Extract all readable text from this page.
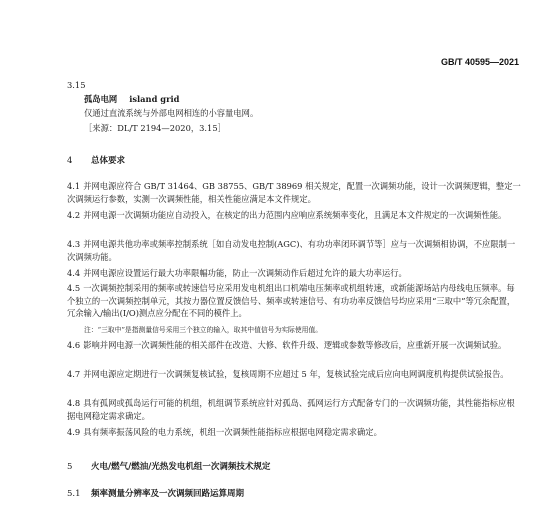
GB/T 40595—2021
3.15
孤岛电网 island grid
仅通过直流系统与外部电网相连的小容量电网。
［来源：DL/T 2194—2020，3.15］
4 总体要求
4.1 并网电源应符合 GB/T 31464、GB 38755、GB/T 38969 相关规定，配置一次调频功能，设计一次调频逻辑，整定一次调频运行参数，实测一次调频性能，相关性能应满足本文件规定。
4.2 并网电源一次调频功能应自动投入，在核定的出力范围内应响应系统频率变化，且满足本文件规定的一次调频性能。
4.3 并网电源共他功率或频率控制系统［如自动发电控制(AGC)、有功功率闭环调节等］应与一次调频相协调，不应限制一次调频功能。
4.4 并网电源应设置运行最大功率限幅功能，防止一次调频动作后超过允许的最大功率运行。
4.5 一次调频控制采用的频率或转速信号应采用发电机组出口机端电压频率或机组转速，或新能源场站内母线电压频率。每个独立的一次调频控制单元，其按力器位置反馈信号、频率或转速信号、有功功率反馈信号均应采用“三取中”等冗余配置，冗余输入/输出(I/O)测点应分配在不同的模件上。
注：“三取中”是指测量信号采用三个独立的输入，取其中值信号为实际使用值。
4.6 影响并网电源一次调频性能的相关部件在改造、大修、软件升级、逻辑或参数等修改后，应重新开展一次调频试验。
4.7 并网电源应定期进行一次调频复核试验，复核周期不应超过 5 年，复核试验完成后应向电网调度机构提供试验报告。
4.8 具有孤网或孤岛运行可能的机组，机组调节系统应针对孤岛、孤网运行方式配备专门的一次调频功能，其性能指标应根据电网稳定需求确定。
4.9 具有频率振荡风险的电力系统，机组一次调频性能指标应根据电网稳定需求确定。
5 火电/燃气/燃油/光热发电机组一次调频技术规定
5.1 频率测量分辨率及一次调频回路运算周期
